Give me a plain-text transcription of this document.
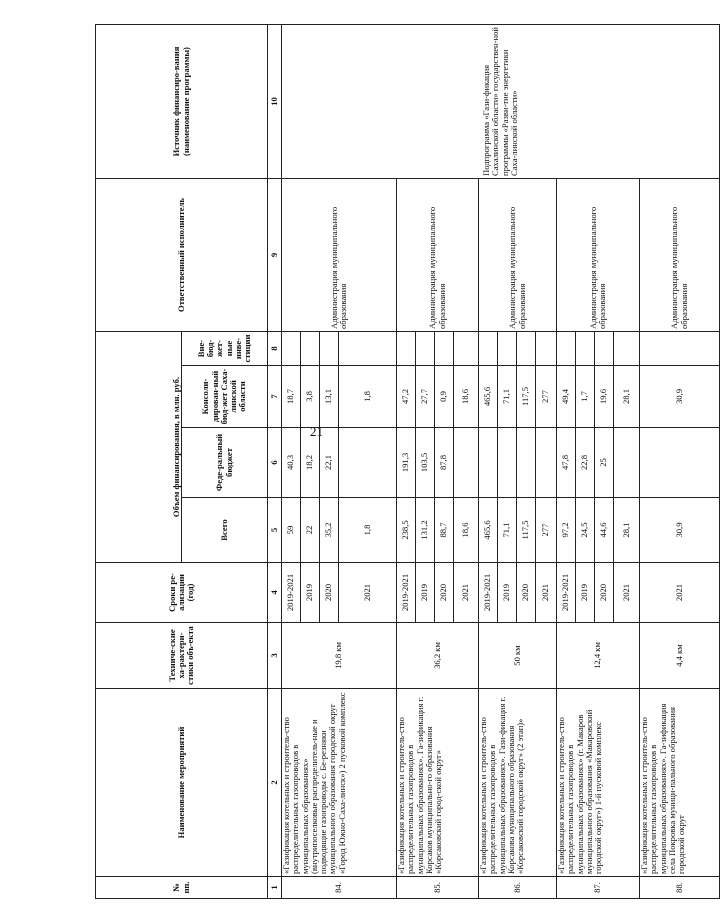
21
№ пп.	Наименование мероприятий	Техниче-ские ха-рактери-стики объ-екта	Сроки ре-ализации (год)	Объем финансирования, в млн. руб.				Ответственный исполнитель	Источник финансиро-вания (наименование программы)
				Всего	Феде-ральный бюджет	Консоли-дирован-ный бюд-жет Саха-линской области	Вне-бюд-жет-ные инве-стиции		
1	2	3	4	5	6	7	8	9	10
84.	«Газификация котельных и строитель-ство распределительных газопроводов в муниципальных образованиях» (внутрипоселковые распределитель-ные и подводящие газопроводы с. Бе-резняки муниципального образования городской округ «Город Южно-Саха-линск») 2 пусковой комплекс	19,8 км	2019-2021	59	40,3	18,7		Администрация муниципального образования	Подпрограмма «Гази-фикация Сахалинской области» государствен-ной программы «Разви-тие энергетики Саха-линской области»
			2019	22	18,2	3,8			
			2020	35,2	22,1	13,1			
			2021	1,8		1,8			
85.	«Газификация котельных и строитель-ство распределительных газопроводов в муниципальных образованиях». Га-зификация г. Корсаков муниципально-го образования «Корсаковский город-ской округ»	36,2 км	2019-2021	238,5	191,3	47,2		Администрация муниципального образования	
			2019	131,2	103,5	27,7			
			2020	88,7	87,8	0,9			
			2021	18,6		18,6			
86.	«Газификация котельных и строитель-ство распределительных газопроводов в муниципальных образованиях». Гази-фикация г. Корсакова муниципального образования «Корсаковский городской округ» (2 этап)»	50 км	2019-2021	465,6		465,6		Администрация муниципального образования	
			2019	71,1		71,1			
			2020	117,5		117,5			
			2021	277		277			
87.	«Газификация котельных и строитель-ство распределительных газопроводов в муниципальных образованиях» (г. Макаров муниципального образования «Макаровский городской округ») 1-й пусковой комплекс	12,4 км	2019-2021	97,2	47,8	49,4		Администрация муниципального образования	
			2019	24,5	22,8	1,7			
			2020	44,6	25	19,6			
			2021	28,1		28,1			
88.	«Газификация котельных и строитель-ство распределительных газопроводов в муниципальных образованиях». Га-зификация села Покровка муници-пального образования городской округ	4,4 км	2021	30,9		30,9		Администрация муниципального образования	
